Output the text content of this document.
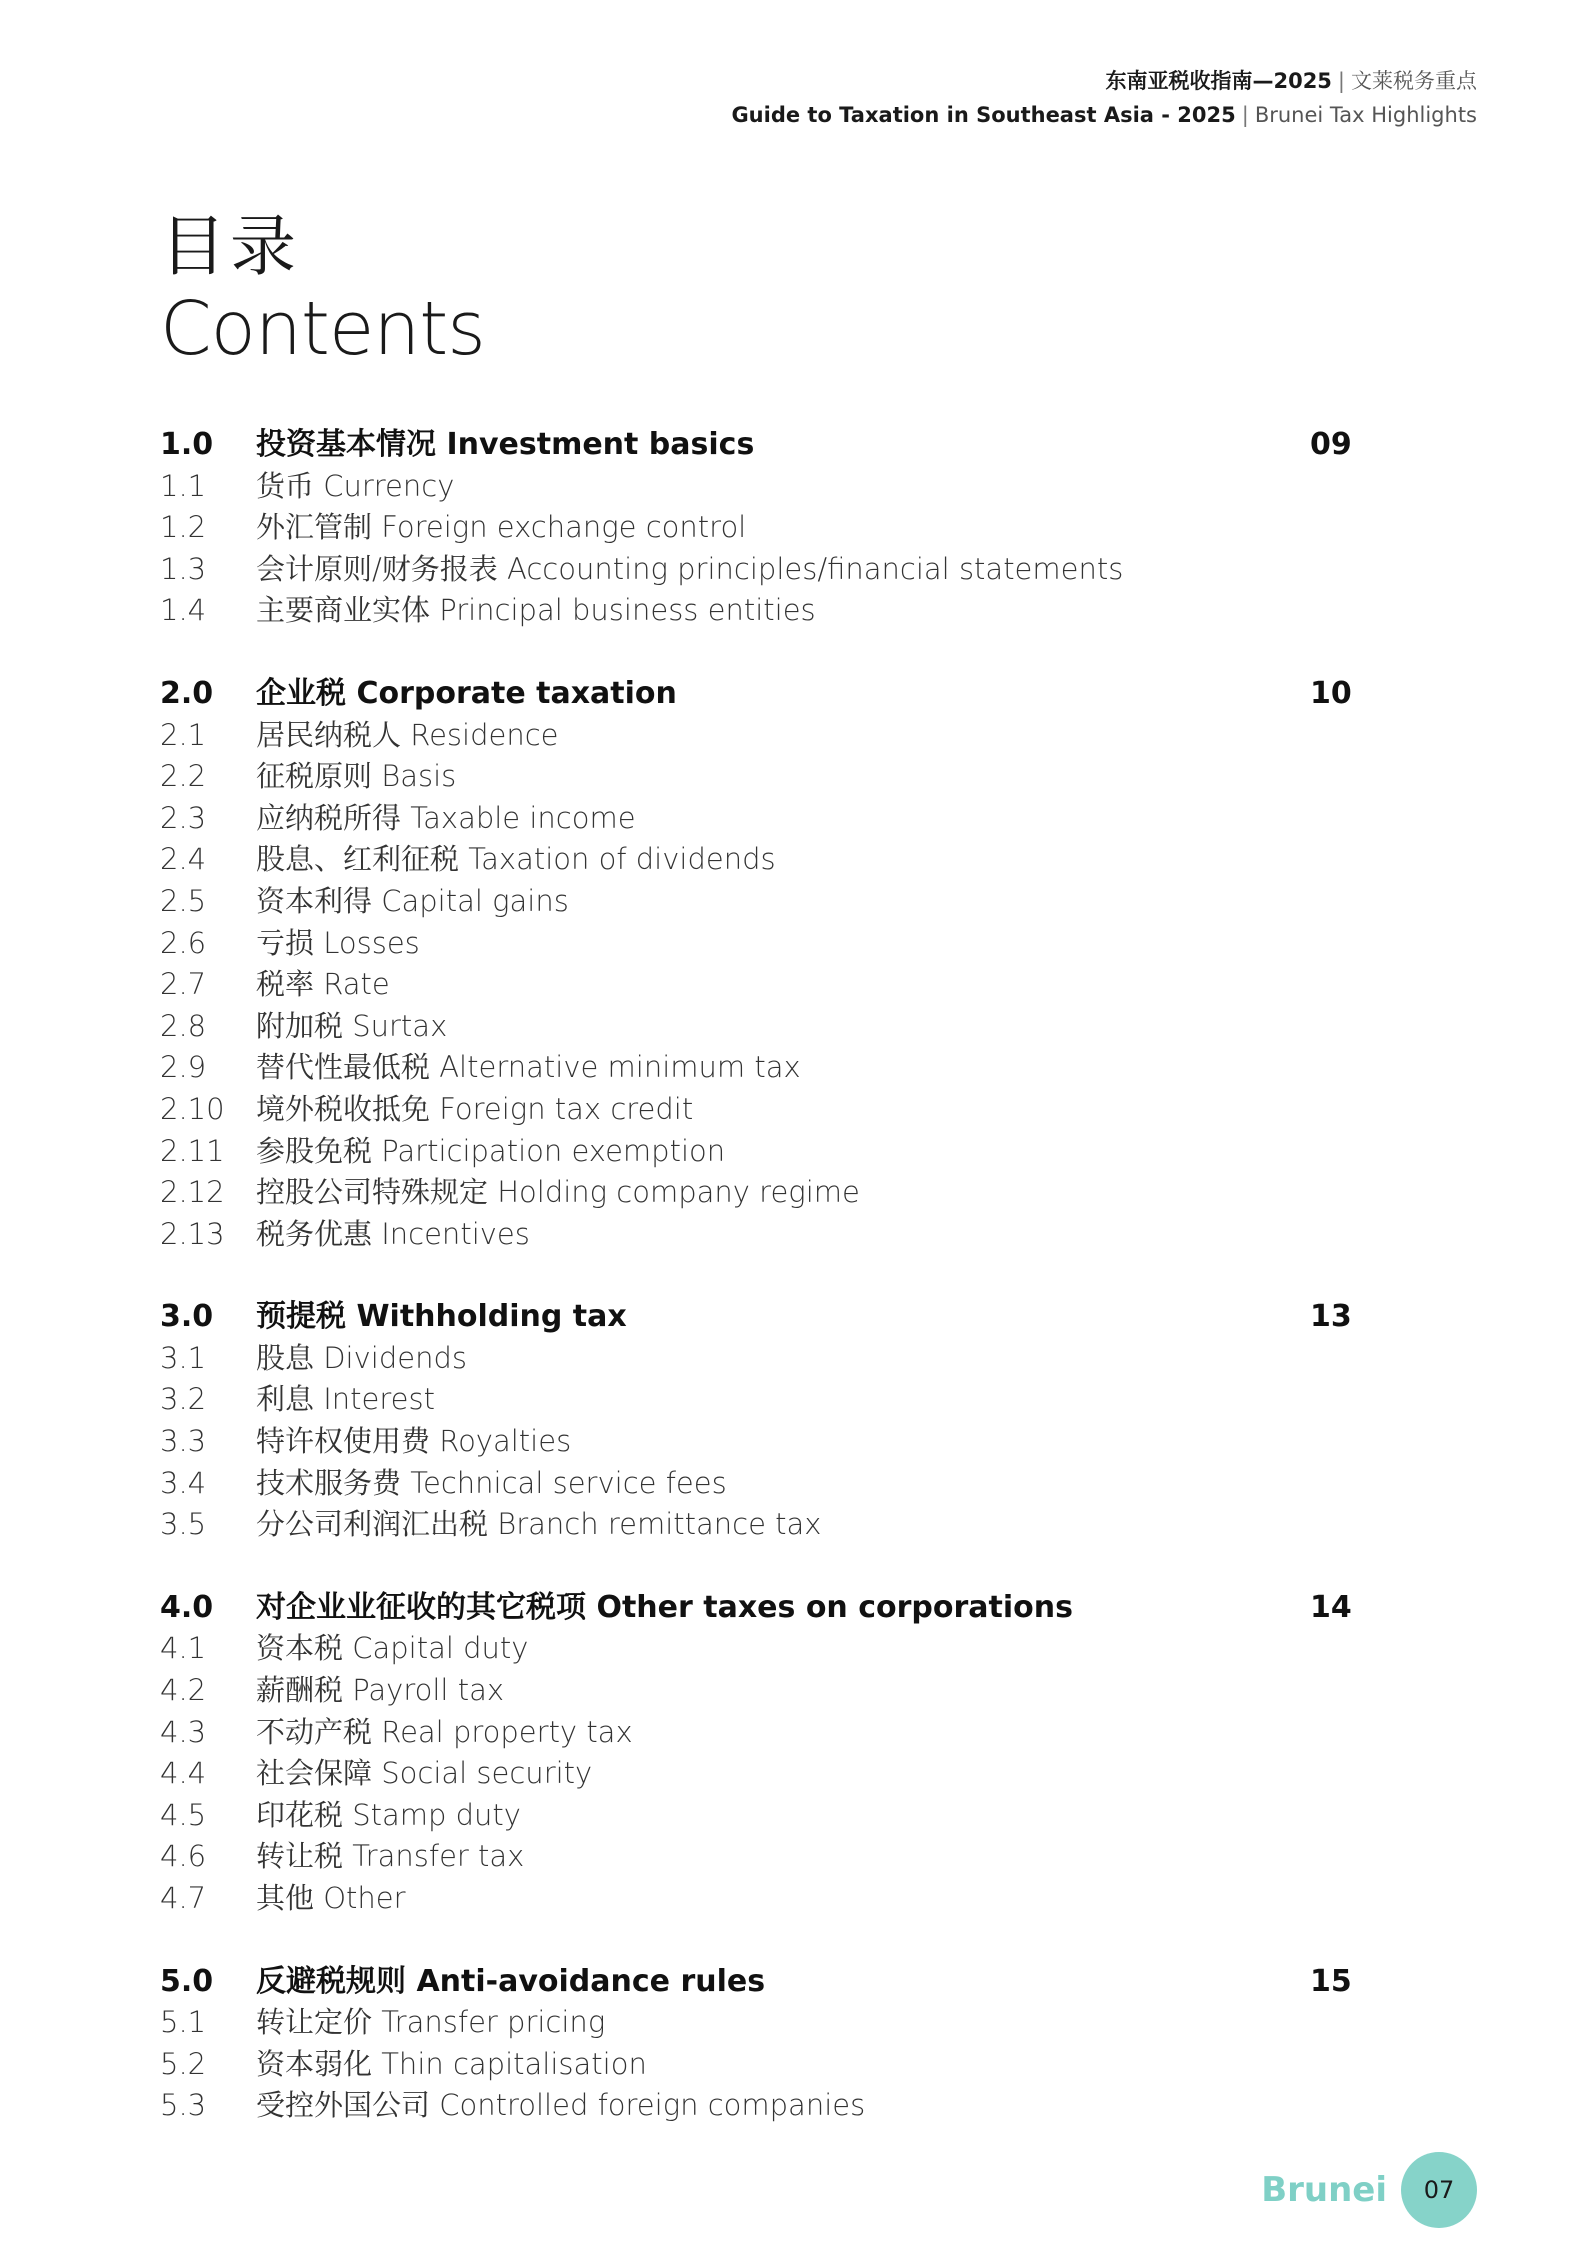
东南亚税收指南—2025 | 文莱税务重点
Guide to Taxation in Southeast Asia - 2025 | Brunei Tax Highlights
目录
Contents
1.0	投资基本情况 Investment basics	09
1.1	货币 Currency
1.2	外汇管制 Foreign exchange control
1.3	会计原则/财务报表 Accounting principles/financial statements
1.4	主要商业实体 Principal business entities
2.0	企业税 Corporate taxation	10
2.1	居民纳税人 Residence
2.2	征税原则 Basis
2.3	应纳税所得 Taxable income
2.4	股息、红利征税 Taxation of dividends
2.5	资本利得 Capital gains
2.6	亏损 Losses
2.7	税率 Rate
2.8	附加税 Surtax
2.9	替代性最低税 Alternative minimum tax
2.10	境外税收抵免 Foreign tax credit
2.11	参股免税 Participation exemption
2.12	控股公司特殊规定 Holding company regime
2.13	税务优惠 Incentives
3.0	预提税 Withholding tax	13
3.1	股息 Dividends
3.2	利息 Interest
3.3	特许权使用费 Royalties
3.4	技术服务费 Technical service fees
3.5	分公司利润汇出税 Branch remittance tax
4.0	对企业业征收的其它税项 Other taxes on corporations	14
4.1	资本税 Capital duty
4.2	薪酬税 Payroll tax
4.3	不动产税 Real property tax
4.4	社会保障 Social security
4.5	印花税 Stamp duty
4.6	转让税 Transfer tax
4.7	其他 Other
5.0	反避税规则 Anti-avoidance rules	15
5.1	转让定价 Transfer pricing
5.2	资本弱化 Thin capitalisation
5.3	受控外国公司 Controlled foreign companies
Brunei	07
